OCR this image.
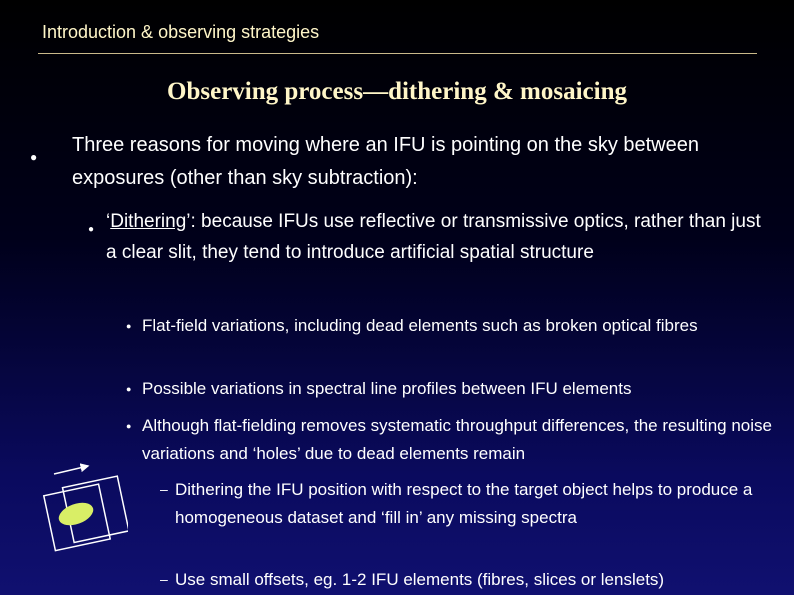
Introduction & observing strategies
Observing process—dithering & mosaicing
●
Three reasons for moving where an IFU is pointing on the sky between exposures (other than sky subtraction):
● ‘Dithering’: because IFUs use reflective or transmissive optics, rather than just a clear slit, they tend to introduce artificial spatial structure
● Flat-field variations, including dead elements such as broken optical fibres
● Possible variations in spectral line profiles between IFU elements
● Although flat-fielding removes systematic throughput differences, the resulting noise variations and ‘holes’ due to dead elements remain
– Dithering the IFU position with respect to the target object helps to produce a homogeneous dataset and ‘fill in’ any missing spectra
– Use small offsets, eg. 1-2 IFU elements (fibres, slices or lenslets)
